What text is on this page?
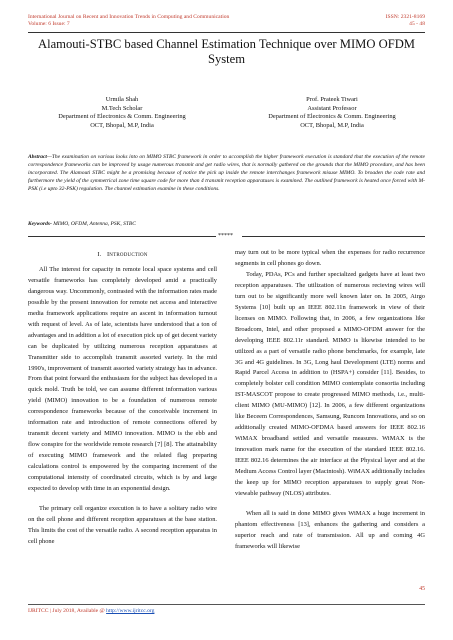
International Journal on Recent and Innovation Trends in Computing and Communication
Volume: 6 Issue: 7
ISSN: 2321-8169
45 - 48
Alamouti-STBC based Channel Estimation Technique over MIMO OFDM
System
Urmila Shah
M.Tech Scholar
Department of Electronics & Comm. Engineering
OCT, Bhopal, M.P, India
Prof. Prateek Tiwari
Assistant Professor
Department of Electronics & Comm. Engineering
OCT, Bhopal, M.P, India
Abstract—The examination on various looks into on MIMO STBC framework in order to accomplish the higher framework execution is standard that the execution of the remote correspondence frameworks can be improved by usage numerous transmit and get radio wires, that is normally gathered on the grounds that the MIMO procedure, and has been incorporated. The Alamouti STBC might be a promising because of notice the pick up inside the remote interchanges framework misuse MIMO. To broaden the code rate and furthermore the yield of the symmetrical zone time square code for more than 4 transmit reception apparatuses is examined. The outlined framework is heated once forced with M-PSK (i.e upto 32-PSK) regulation. The channel estimation examine in these conditions.
Keywords- MIMO, OFDM, Antenna, PSK, STBC
*****
I. INTRODUCTION

All The interest for capacity in remote local space systems and cell versatile frameworks has completely developed amid a practically dangerous way. Uncommonly, contrasted with the information rates made possible by the present innovation for remote net access and interactive media framework applications require an ascent in information turnout with request of level. As of late, scientists have understood that a ton of advantages and in addition a lot of execution pick up of get decent variety can be duplicated by utilizing numerous reception apparatuses at Transmitter side to accomplish transmit assorted variety. In the mid 1990's, improvement of transmit assorted variety strategy has in advance. From that point forward the enthusiasm for the subject has developed in a quick mold. Truth be told, we can assume different information various yield (MIMO) innovation to be a foundation of numerous remote correspondence frameworks because of the conceivable increment in information rate and introduction of remote connections offered by transmit decent variety and MIMO innovation. MIMO is the ebb and flow conspire for the worldwide remote research [7] [8]. The attainability of executing MIMO framework and the related flag preparing calculations control is empowered by the comparing increment of the computational intensity of coordinated circuits, which is by and large expected to develop with time in an exponential design.

The primary cell organize execution is to have a solitary radio wire on the cell phone and different reception apparatuses at the base station. This limits the cost of the versatile radio. A second reception apparatus in cell phone

may turn out to be more typical when the expenses for radio recurrence segments in cell phones go down.

Today, PDAs, PCs and further specialized gadgets have at least two reception apparatuses. The utilization of numerous recieving wires will turn out to be significantly more well known later on. In 2005, Airgo Systems [10] built up an IEEE 802.11n framework in view of their licenses on MIMO. Following that, in 2006, a few organizations like Broadcom, Intel, and other proposed a MIMO-OFDM answer for the developing IEEE 802.11r standard. MIMO is likewise intended to be utilized as a part of versatile radio phone benchmarks, for example, late 3G and 4G guidelines. In 3G, Long haul Development (LTE) norms and Rapid Parcel Access in addition to (HSPA+) consider [11]. Besides, to completely bolster cell condition MIMO contemplate consortia including IST-MASCOT propose to create progressed MIMO methods, i.e., multi-client MIMO (MU-MIMO) [12]. In 2006, a few different organizations like Beceem Correspondences, Samsung, Runcom Innovations, and so on additionally created MIMO-OFDMA based answers for IEEE 802.16 WiMAX broadband settled and versatile measures. WiMAX is the innovation mark name for the execution of the standard IEEE 802.16. IEEE 802.16 determines the air interface at the Physical layer and at the Medium Access Control layer (Macintosh). WiMAX additionally includes the keep up for MIMO reception apparatuses to supply great Non-viewable pathway (NLOS) attributes.

When all is said in done MIMO gives WiMAX a huge increment in phantom effectiveness [13], enhances the gathering and considers a superior reach and rate of transmission. All up and coming 4G frameworks will likewise

45
IJRITCC | July 2018, Available @ http://www.ijritcc.org
